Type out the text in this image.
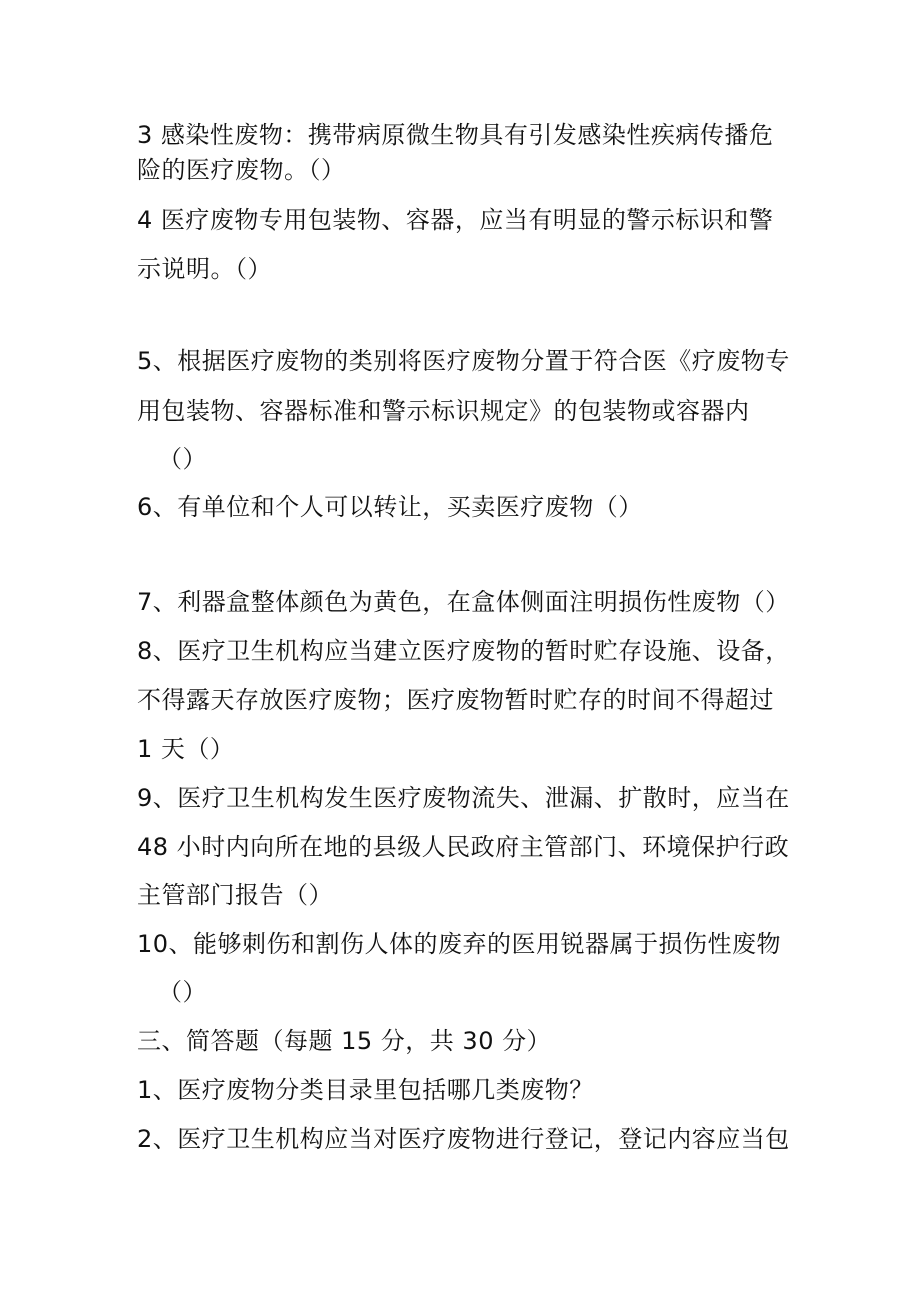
3 感染性废物：携带病原微生物具有引发感染性疾病传播危
险的医疗废物。（）
4 医疗废物专用包装物、容器，应当有明显的警示标识和警
示说明。（）
5、根据医疗废物的类别将医疗废物分置于符合医《疗废物专
用包装物、容器标准和警示标识规定》的包装物或容器内
（）
6、有单位和个人可以转让，买卖医疗废物（）
7、利器盒整体颜色为黄色，在盒体侧面注明损伤性废物（）
8、医疗卫生机构应当建立医疗废物的暂时贮存设施、设备，
不得露天存放医疗废物；医疗废物暂时贮存的时间不得超过
1 天（）
9、医疗卫生机构发生医疗废物流失、泄漏、扩散时，应当在
48 小时内向所在地的县级人民政府主管部门、环境保护行政
主管部门报告（）
10、能够刺伤和割伤人体的废弃的医用锐器属于损伤性废物
（）
三、简答题（每题 15 分，共 30 分）
1、医疗废物分类目录里包括哪几类废物？
2、医疗卫生机构应当对医疗废物进行登记，登记内容应当包
